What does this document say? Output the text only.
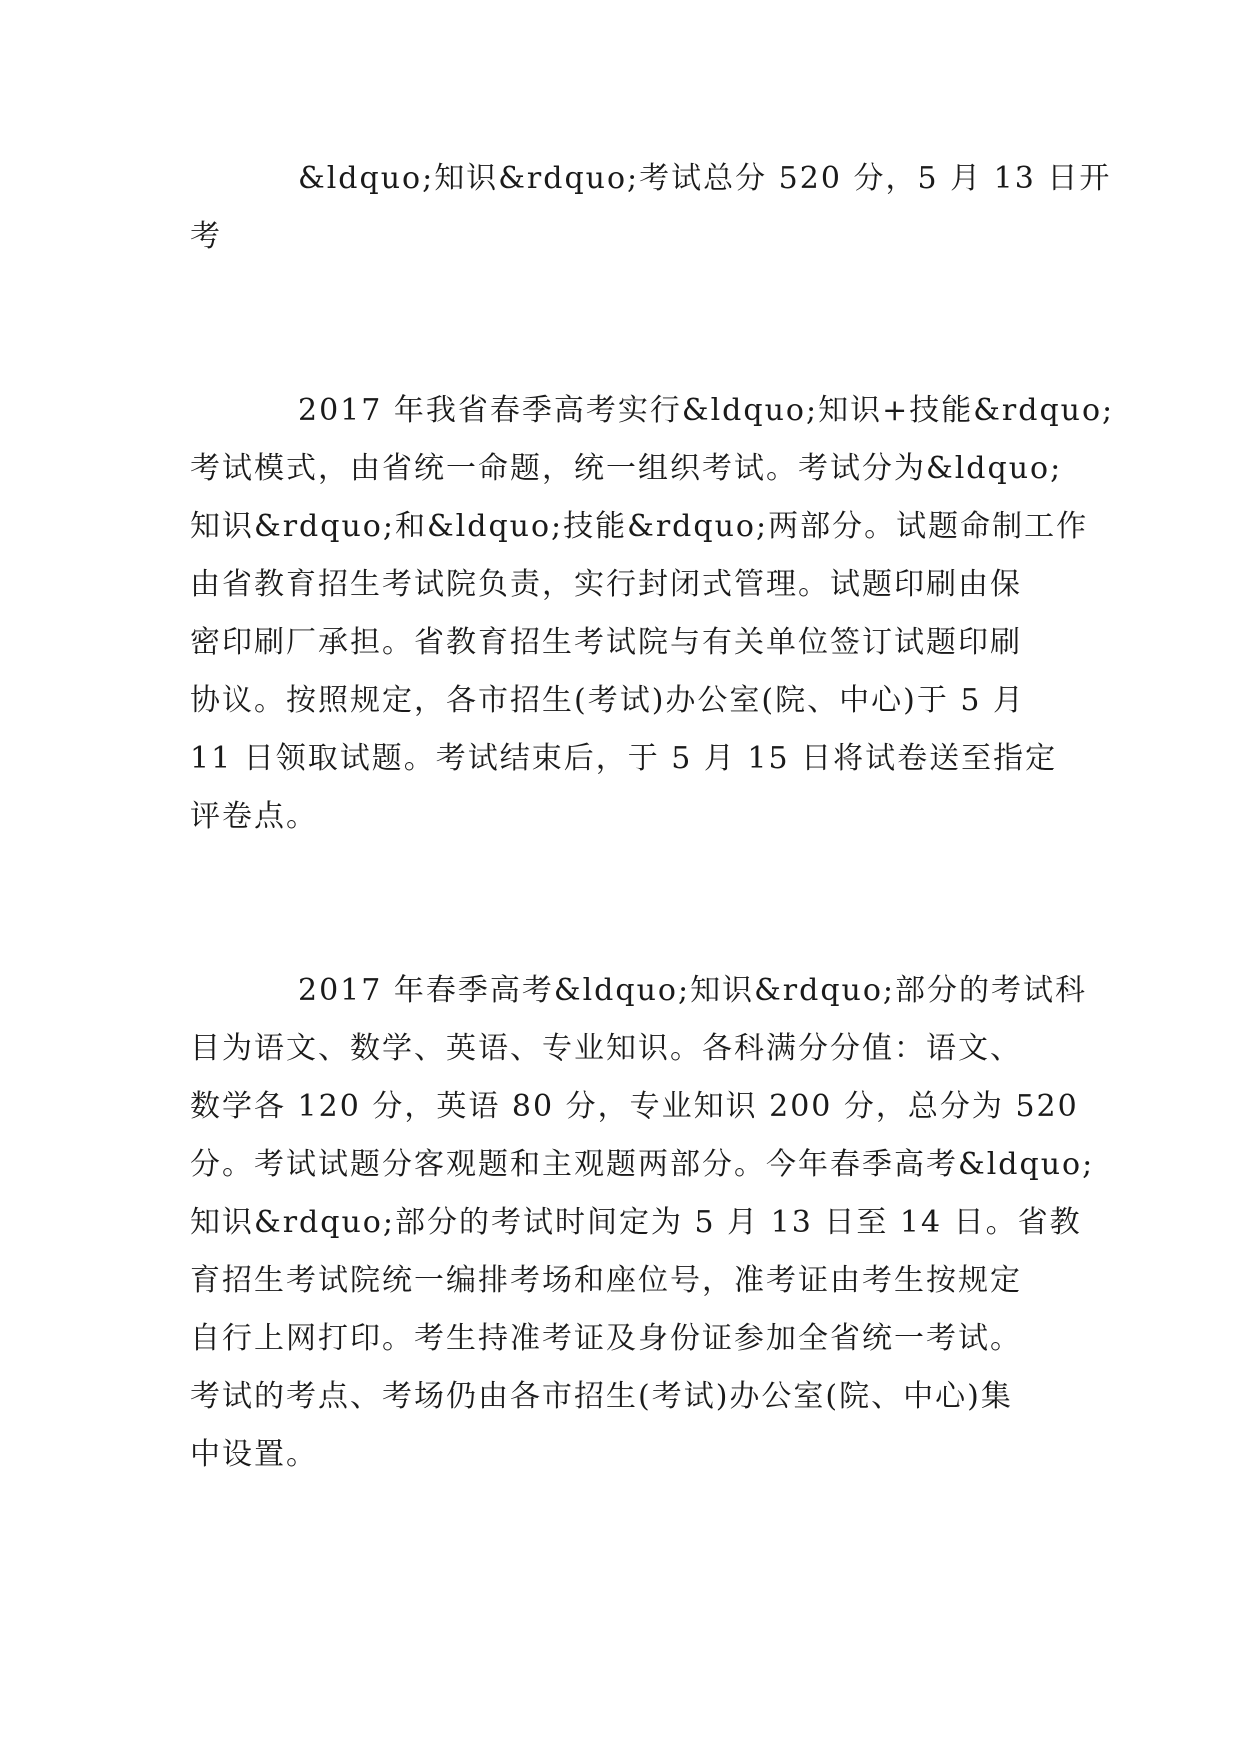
&ldquo;知识&rdquo;考试总分 520 分，5 月 13 日开
考

2017 年我省春季高考实行&ldquo;知识+技能&rdquo;
考试模式，由省统一命题，统一组织考试。考试分为&ldquo;
知识&rdquo;和&ldquo;技能&rdquo;两部分。试题命制工作
由省教育招生考试院负责，实行封闭式管理。试题印刷由保
密印刷厂承担。省教育招生考试院与有关单位签订试题印刷
协议。按照规定，各市招生(考试)办公室(院、中心)于 5 月
11 日领取试题。考试结束后，于 5 月 15 日将试卷送至指定
评卷点。

2017 年春季高考&ldquo;知识&rdquo;部分的考试科
目为语文、数学、英语、专业知识。各科满分分值：语文、
数学各 120 分，英语 80 分，专业知识 200 分，总分为 520
分。考试试题分客观题和主观题两部分。今年春季高考&ldquo;
知识&rdquo;部分的考试时间定为 5 月 13 日至 14 日。省教
育招生考试院统一编排考场和座位号，准考证由考生按规定
自行上网打印。考生持准考证及身份证参加全省统一考试。
考试的考点、考场仍由各市招生(考试)办公室(院、中心)集
中设置。
